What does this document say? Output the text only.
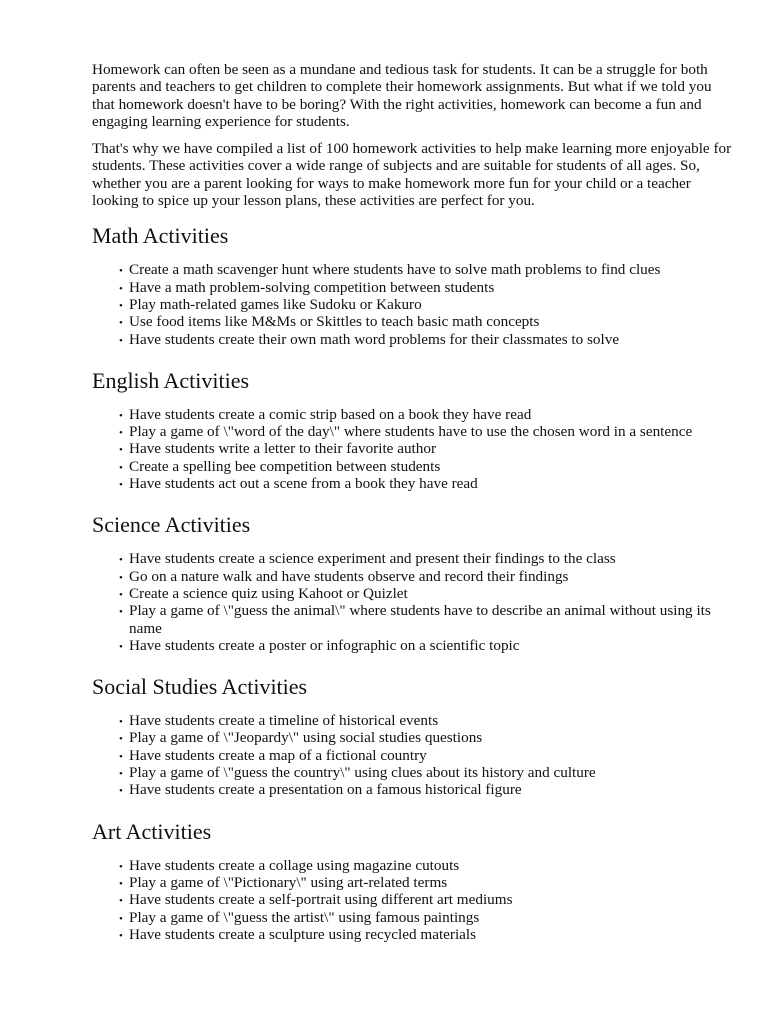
Homework can often be seen as a mundane and tedious task for students. It can be a struggle for both parents and teachers to get children to complete their homework assignments. But what if we told you that homework doesn't have to be boring? With the right activities, homework can become a fun and engaging learning experience for students.

That's why we have compiled a list of 100 homework activities to help make learning more enjoyable for students. These activities cover a wide range of subjects and are suitable for students of all ages. So, whether you are a parent looking for ways to make homework more fun for your child or a teacher looking to spice up your lesson plans, these activities are perfect for you.

Math Activities
• Create a math scavenger hunt where students have to solve math problems to find clues
• Have a math problem-solving competition between students
• Play math-related games like Sudoku or Kakuro
• Use food items like M&Ms or Skittles to teach basic math concepts
• Have students create their own math word problems for their classmates to solve
English Activities
• Have students create a comic strip based on a book they have read
• Play a game of \"word of the day\" where students have to use the chosen word in a sentence
• Have students write a letter to their favorite author
• Create a spelling bee competition between students
• Have students act out a scene from a book they have read
Science Activities
• Have students create a science experiment and present their findings to the class
• Go on a nature walk and have students observe and record their findings
• Create a science quiz using Kahoot or Quizlet
• Play a game of \"guess the animal\" where students have to describe an animal without using its name
• Have students create a poster or infographic on a scientific topic
Social Studies Activities
• Have students create a timeline of historical events
• Play a game of \"Jeopardy\" using social studies questions
• Have students create a map of a fictional country
• Play a game of \"guess the country\" using clues about its history and culture
• Have students create a presentation on a famous historical figure
Art Activities
• Have students create a collage using magazine cutouts
• Play a game of \"Pictionary\" using art-related terms
• Have students create a self-portrait using different art mediums
• Play a game of \"guess the artist\" using famous paintings
• Have students create a sculpture using recycled materials
